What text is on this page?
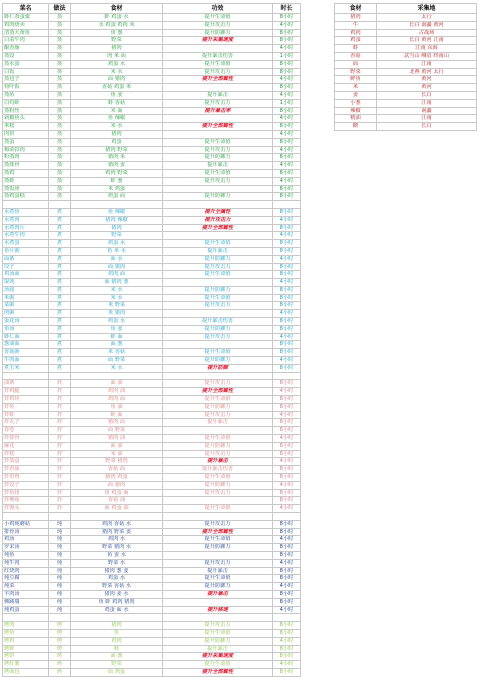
菜名	做法	食材	功效	时长
虾仁蒸蛋羹	蒸	虾 鸡蛋 水	提升生命值	8小时
鸡肉烧卖	蒸	水 鸡蛋 鸡肉 米	提升攻击力	4小时
清蒸大黄鱼	蒸	鱼 葱	提升防御力	8小时
白菜牛肉	蒸	野菜	提升采集速度	8小时
酿香肠	蒸	猪肉		4小时
蒸饺	蒸	肉 米 面	提升暴击伤害	1小时
蒸水蛋	蒸	鸡蛋 水	提升生命值	8小时
白饭	蒸	米 水	提升攻击力	8小时
蒸包子	蒸	面 猪肉	提升全部属性	4小时
荷叶饭	蒸	香菇 鸡蛋 米		8小时
蒸鱼	蒸	鱼 姜	提升暴击	4小时
白灼虾	蒸	虾 香菇	提升攻击力	1小时
蒸粉丝	蒸	米 面	提升暴击率	8小时
剁椒鱼头	蒸	鱼 辣椒		4小时
米糕	蒸	米 水	提升全部属性	8小时
肉饼	蒸	猪肉		4小时
蒸蛋	蒸	鸡蛋	提升生命值	8小时
梅菜扣肉	蒸	猪肉 野菜	提升攻击力	4小时
粉蒸肉	蒸	猪肉 米	提升防御力	8小时
蒸排骨	蒸	猪肉 姜	提升暴击	4小时
蒸鸡	蒸	鸡肉 野菜	提升生命值	8小时
蒸虾	蒸	虾 葱	提升攻击力	4小时
蒸饭团	蒸	米 鸡蛋		8小时
蒸鸡蛋糕	蒸	鸡蛋 面	提升防御力	8小时

水煮鱼	煮	鱼 辣椒	提升全属性	8小时
水煮肉	煮	猪肉 辣椒	提升攻击力	4小时
水煮肉片	煮	猪肉	提升全部属性	8小时
水煮牛肉	煮	野菜		4小时
水煮蛋	煮	鸡蛋 水	提升生命值	8小时
鱼片粥	煮	鱼 米 水	提升暴击	8小时
面条	煮	面 水	提升防御力	4小时
饺子	煮	面 猪肉	提升攻击力	8小时
鸡汤面	煮	鸡肉 面	提升生命值	8小时
馄饨	煮	面 猪肉 葱		4小时
汤圆	煮	米 水	提升防御力	8小时
米粥	煮	米 水	提升生命值	8小时
菜粥	煮	米 野菜	提升攻击力	8小时
肉粥	煮	米 猪肉		4小时
蛋花汤	煮	鸡蛋 水	提升暴击伤害	8小时
鱼汤	煮	鱼 姜	提升防御力	8小时
虾仁面	煮	虾 面	提升攻击力	4小时
葱油面	煮	面 葱		8小时
香菇粥	煮	米 香菇	提升生命值	8小时
牛肉面	煮	面 野菜	提升防御力	4小时
煮玉米	煮	米 水	提升防御	8小时

油条	炸	面 油	提升攻击力	8小时
炸鸡腿	炸	鸡肉 油	提升全部属性	4小时
炸鸡块	炸	鸡肉 面	提升生命值	8小时
炸鱼	炸	鱼 油	提升防御力	8小时
炸虾	炸	虾 面	提升攻击力	4小时
炸丸子	炸	猪肉 面	提升暴击	8小时
春卷	炸	面 野菜		8小时
炸排骨	炸	猪肉 油	提升生命值	4小时
麻花	炸	面 油	提升防御力	8小时
炸糕	炸	米 油	提升攻击力	8小时
炸茄盒	炸	野菜 猪肉	提升暴击	4小时
炸香菇	炸	香菇 面	提升暴击伤害	8小时
炸里脊	炸	猪肉 鸡蛋	提升生命值	8小时
炸饺子	炸	面 猪肉	提升防御力	4小时
炸鱼排	炸	鱼 鸡蛋 面	提升攻击力	8小时
炸蘑菇	炸	香菇 油		8小时
炸馒头	炸	面 鸡蛋 油	提升生命值	4小时

小鸡炖蘑菇	炖	鸡肉 香菇 水	提升攻击力	8小时
排骨汤	炖	猪肉 野菜 姜	提升全部属性	8小时
鸡汤	炖	鸡肉 水	提升生命值	4小时
罗宋汤	炖	野菜 猪肉 水	提升防御力	8小时
炖鱼	炖	鱼 姜 水		8小时
炖牛肉	炖	野菜 水	提升攻击力	4小时
红烧肉	炖	猪肉 葱 姜	提升暴击	8小时
炖豆腐	炖	鸡蛋 水	提升生命值	8小时
炖菜	炖	野菜 香菇 水	提升防御力	4小时
羊肉汤	炖	猪肉 姜 水	提升暴击	8小时
佛跳墙	炖	鱼 虾 鸡肉 猪肉		8小时
炖鸡蛋	炖	鸡蛋 面 水	提升移速	4小时

烤肉	烤	猪肉	提升攻击力	8小时
烤鱼	烤	鱼	提升生命值	8小时
烤鸡	烤	鸡肉	提升防御力	4小时
烤虾	烤	虾	提升暴击	8小时
烤饼	烤	面 葱	提升采集速度	8小时
烤红薯	烤	野菜	提升生命值	4小时
烤面包	烤	面 鸡蛋	提升全部属性	8小时
食材	采集地
猪肉	太行
牛	长白 南疆 黄河
鸡肉	古战场
鸡蛋	长白 黄河 江南
虾	江南 东海
香菇	武当山 峨眉 终南山
面	江南
野菜	北燕 黄河 太行
鲜鱼	黄河
米	黄河
姜	长白
小葱	江南
辣椒	南疆
精油	江南
糖	长白
